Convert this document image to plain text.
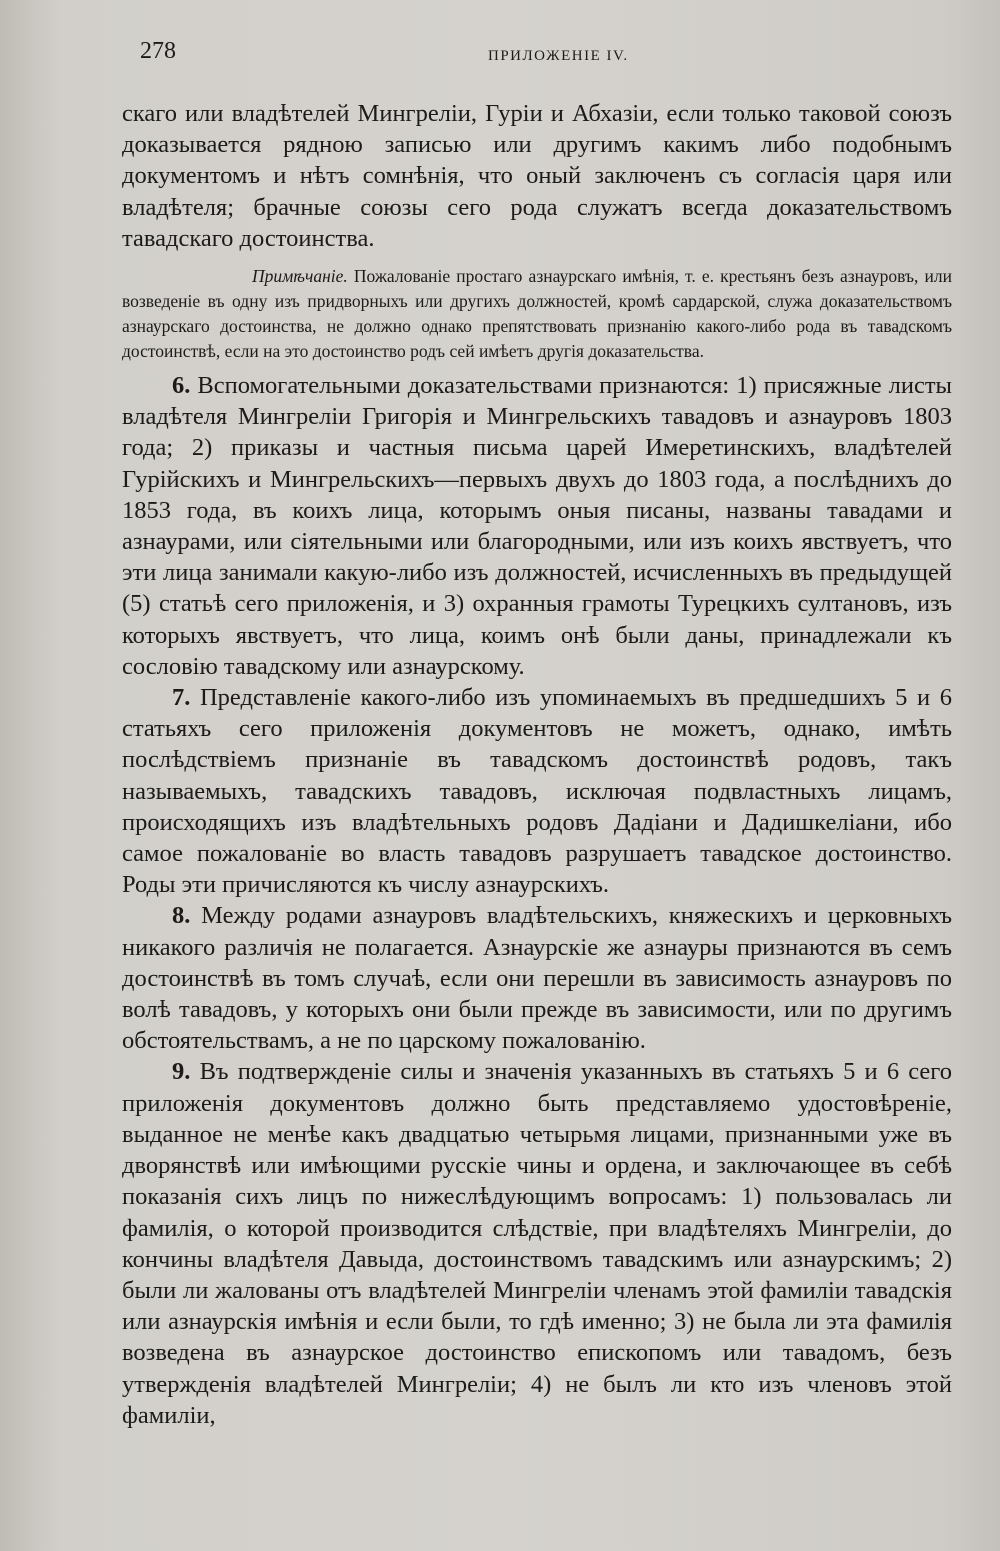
278	ПРИЛОЖЕНІЕ IV.

скаго или владѣтелей Мингреліи, Гуріи и Абхазіи, если только таковой союзъ доказывается рядною записью или другимъ какимъ либо подобнымъ документомъ и нѣтъ сомнѣнія, что оный заключенъ съ согласія царя или владѣтеля; брачные союзы сего рода служатъ всегда доказательствомъ тавадскаго достоинства.

Примѣчаніе. Пожалованіе простаго азнаурскаго имѣнія, т. е. крестьянъ безъ азнауровъ, или возведеніе въ одну изъ придворныхъ или другихъ должностей, кромѣ сардарской, служа доказательствомъ азнаурскаго достоинства, не должно однако препятствовать признанію какого-либо рода въ тавадскомъ достоинствѣ, если на это достоинство родъ сей имѣетъ другія доказательства.

6. Вспомогательными доказательствами признаются: 1) присяжные листы владѣтеля Мингреліи Григорія и Мингрельскихъ тавадовъ и азнауровъ 1803 года; 2) приказы и частныя письма царей Имеретинскихъ, владѣтелей Гурійскихъ и Мингрельскихъ—первыхъ двухъ до 1803 года, а послѣднихъ до 1853 года, въ коихъ лица, которымъ оныя писаны, названы тавадами и азнаурами, или сіятельными или благородными, или изъ коихъ явствуетъ, что эти лица занимали какую-либо изъ должностей, исчисленныхъ въ предыдущей (5) статьѣ сего приложенія, и 3) охранныя грамоты Турецкихъ султановъ, изъ которыхъ явствуетъ, что лица, коимъ онѣ были даны, принадлежали къ сословію тавадскому или азнаурскому.

7. Представленіе какого-либо изъ упоминаемыхъ въ предшедшихъ 5 и 6 статьяхъ сего приложенія документовъ не можетъ, однако, имѣть послѣдствіемъ признаніе въ тавадскомъ достоинствѣ родовъ, такъ называемыхъ, тавадскихъ тавадовъ, исключая подвластныхъ лицамъ, происходящихъ изъ владѣтельныхъ родовъ Дадіани и Дадишкеліани, ибо самое пожалованіе во власть тавадовъ разрушаетъ тавадское достоинство. Роды эти причисляются къ числу азнаурскихъ.

8. Между родами азнауровъ владѣтельскихъ, княжескихъ и церковныхъ никакого различія не полагается. Азнаурскіе же азнауры признаются въ семъ достоинствѣ въ томъ случаѣ, если они перешли въ зависимость азнауровъ по волѣ тавадовъ, у которыхъ они были прежде въ зависимости, или по другимъ обстоятельствамъ, а не по царскому пожалованію.

9. Въ подтвержденіе силы и значенія указанныхъ въ статьяхъ 5 и 6 сего приложенія документовъ должно быть представляемо удостовѣреніе, выданное не менѣе какъ двадцатью четырьмя лицами, признанными уже въ дворянствѣ или имѣющими русскіе чины и ордена, и заключающее въ себѣ показанія сихъ лицъ по нижеслѣдующимъ вопросамъ: 1) пользовалась ли фамилія, о которой производится слѣдствіе, при владѣтеляхъ Мингреліи, до кончины владѣтеля Давыда, достоинствомъ тавадскимъ или азнаурскимъ; 2) были ли жалованы отъ владѣтелей Мингреліи членамъ этой фамиліи тавадскія или азнаурскія имѣнія и если были, то гдѣ именно; 3) не была ли эта фамилія возведена въ азнаурское достоинство епископомъ или тавадомъ, безъ утвержденія владѣтелей Мингреліи; 4) не былъ ли кто изъ членовъ этой фамиліи,
